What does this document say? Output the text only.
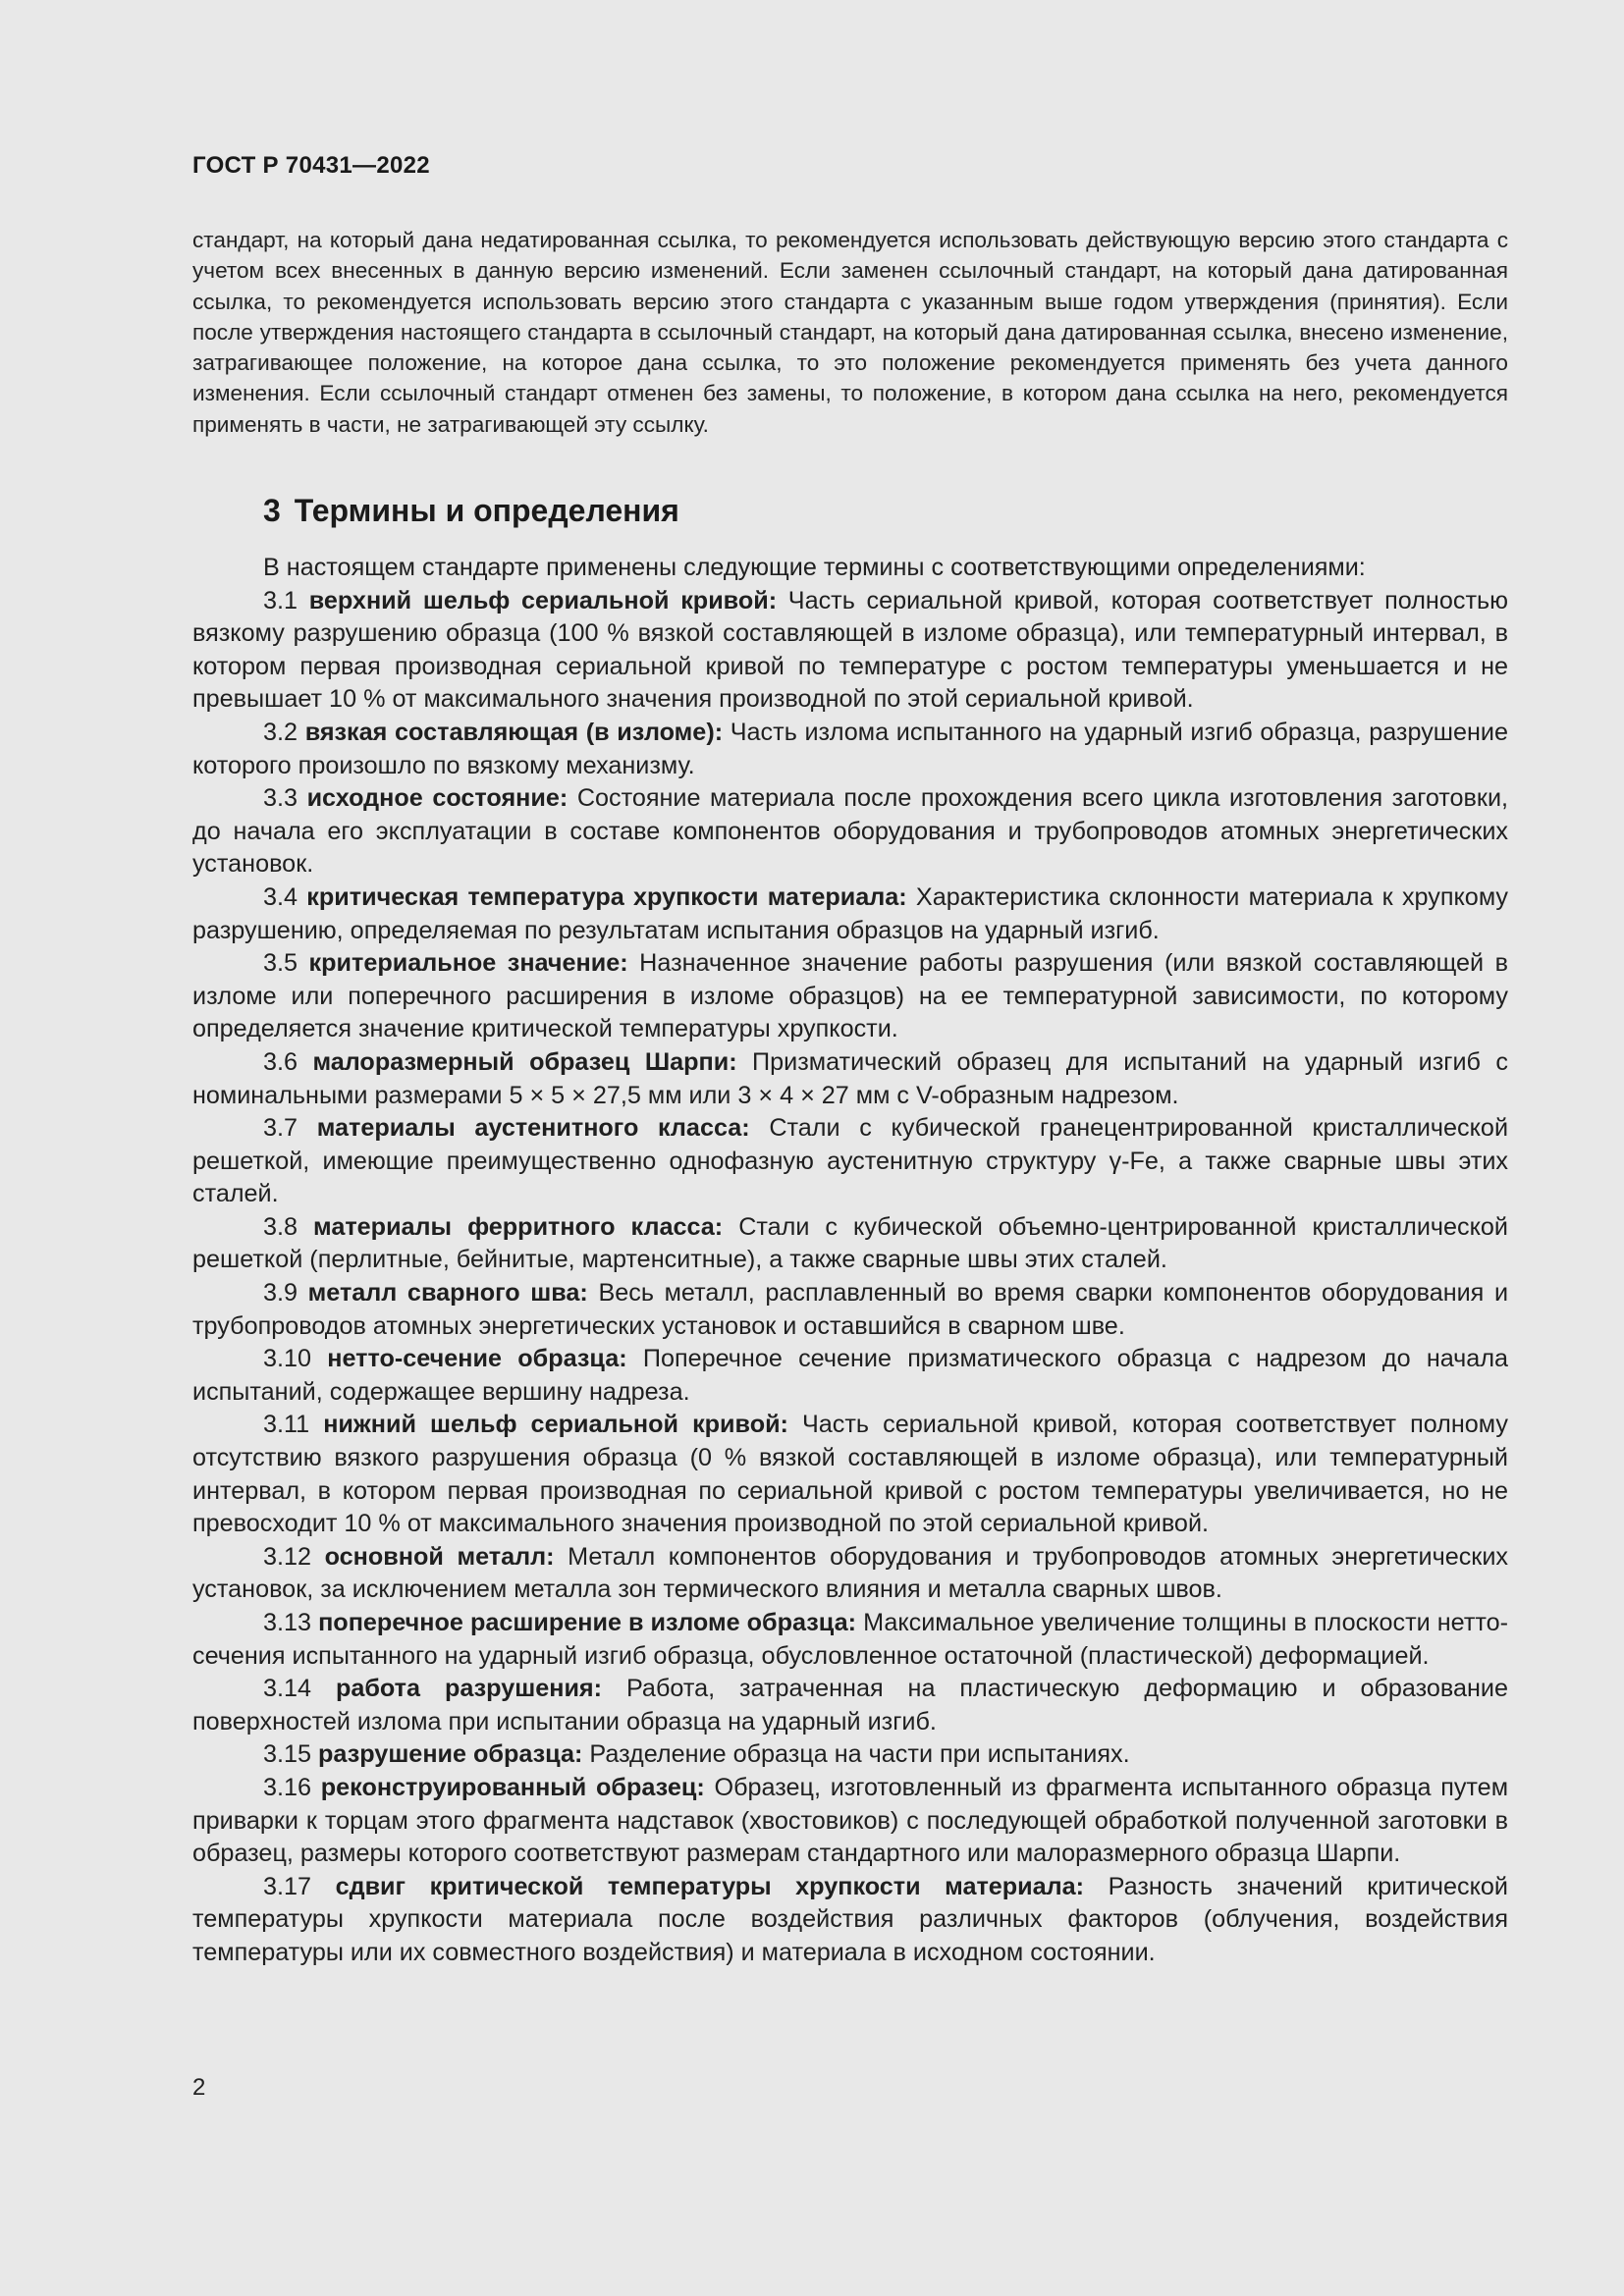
ГОСТ Р 70431—2022

стандарт, на который дана недатированная ссылка, то рекомендуется использовать действующую версию этого стандарта с учетом всех внесенных в данную версию изменений. Если заменен ссылочный стандарт, на который дана датированная ссылка, то рекомендуется использовать версию этого стандарта с указанным выше годом утверждения (принятия). Если после утверждения настоящего стандарта в ссылочный стандарт, на который дана датированная ссылка, внесено изменение, затрагивающее положение, на которое дана ссылка, то это положение рекомендуется применять без учета данного изменения. Если ссылочный стандарт отменен без замены, то положение, в котором дана ссылка на него, рекомендуется применять в части, не затрагивающей эту ссылку.

3 Термины и определения

В настоящем стандарте применены следующие термины с соответствующими определениями:

3.1 верхний шельф сериальной кривой: Часть сериальной кривой, которая соответствует полностью вязкому разрушению образца (100 % вязкой составляющей в изломе образца), или температурный интервал, в котором первая производная сериальной кривой по температуре с ростом температуры уменьшается и не превышает 10 % от максимального значения производной по этой сериальной кривой.

3.2 вязкая составляющая (в изломе): Часть излома испытанного на ударный изгиб образца, разрушение которого произошло по вязкому механизму.

3.3 исходное состояние: Состояние материала после прохождения всего цикла изготовления заготовки, до начала его эксплуатации в составе компонентов оборудования и трубопроводов атомных энергетических установок.

3.4 критическая температура хрупкости материала: Характеристика склонности материала к хрупкому разрушению, определяемая по результатам испытания образцов на ударный изгиб.

3.5 критериальное значение: Назначенное значение работы разрушения (или вязкой составляющей в изломе или поперечного расширения в изломе образцов) на ее температурной зависимости, по которому определяется значение критической температуры хрупкости.

3.6 малоразмерный образец Шарпи: Призматический образец для испытаний на ударный изгиб с номинальными размерами 5 × 5 × 27,5 мм или 3 × 4 × 27 мм с V-образным надрезом.

3.7 материалы аустенитного класса: Стали с кубической гранецентрированной кристаллической решеткой, имеющие преимущественно однофазную аустенитную структуру γ-Fe, а также сварные швы этих сталей.

3.8 материалы ферритного класса: Стали с кубической объемно-центрированной кристаллической решеткой (перлитные, бейнитые, мартенситные), а также сварные швы этих сталей.

3.9 металл сварного шва: Весь металл, расплавленный во время сварки компонентов оборудования и трубопроводов атомных энергетических установок и оставшийся в сварном шве.

3.10 нетто-сечение образца: Поперечное сечение призматического образца с надрезом до начала испытаний, содержащее вершину надреза.

3.11 нижний шельф сериальной кривой: Часть сериальной кривой, которая соответствует полному отсутствию вязкого разрушения образца (0 % вязкой составляющей в изломе образца), или температурный интервал, в котором первая производная по сериальной кривой с ростом температуры увеличивается, но не превосходит 10 % от максимального значения производной по этой сериальной кривой.

3.12 основной металл: Металл компонентов оборудования и трубопроводов атомных энергетических установок, за исключением металла зон термического влияния и металла сварных швов.

3.13 поперечное расширение в изломе образца: Максимальное увеличение толщины в плоскости нетто-сечения испытанного на ударный изгиб образца, обусловленное остаточной (пластической) деформацией.

3.14 работа разрушения: Работа, затраченная на пластическую деформацию и образование поверхностей излома при испытании образца на ударный изгиб.

3.15 разрушение образца: Разделение образца на части при испытаниях.

3.16 реконструированный образец: Образец, изготовленный из фрагмента испытанного образца путем приварки к торцам этого фрагмента надставок (хвостовиков) с последующей обработкой полученной заготовки в образец, размеры которого соответствуют размерам стандартного или малоразмерного образца Шарпи.

3.17 сдвиг критической температуры хрупкости материала: Разность значений критической температуры хрупкости материала после воздействия различных факторов (облучения, воздействия температуры или их совместного воздействия) и материала в исходном состоянии.

2
